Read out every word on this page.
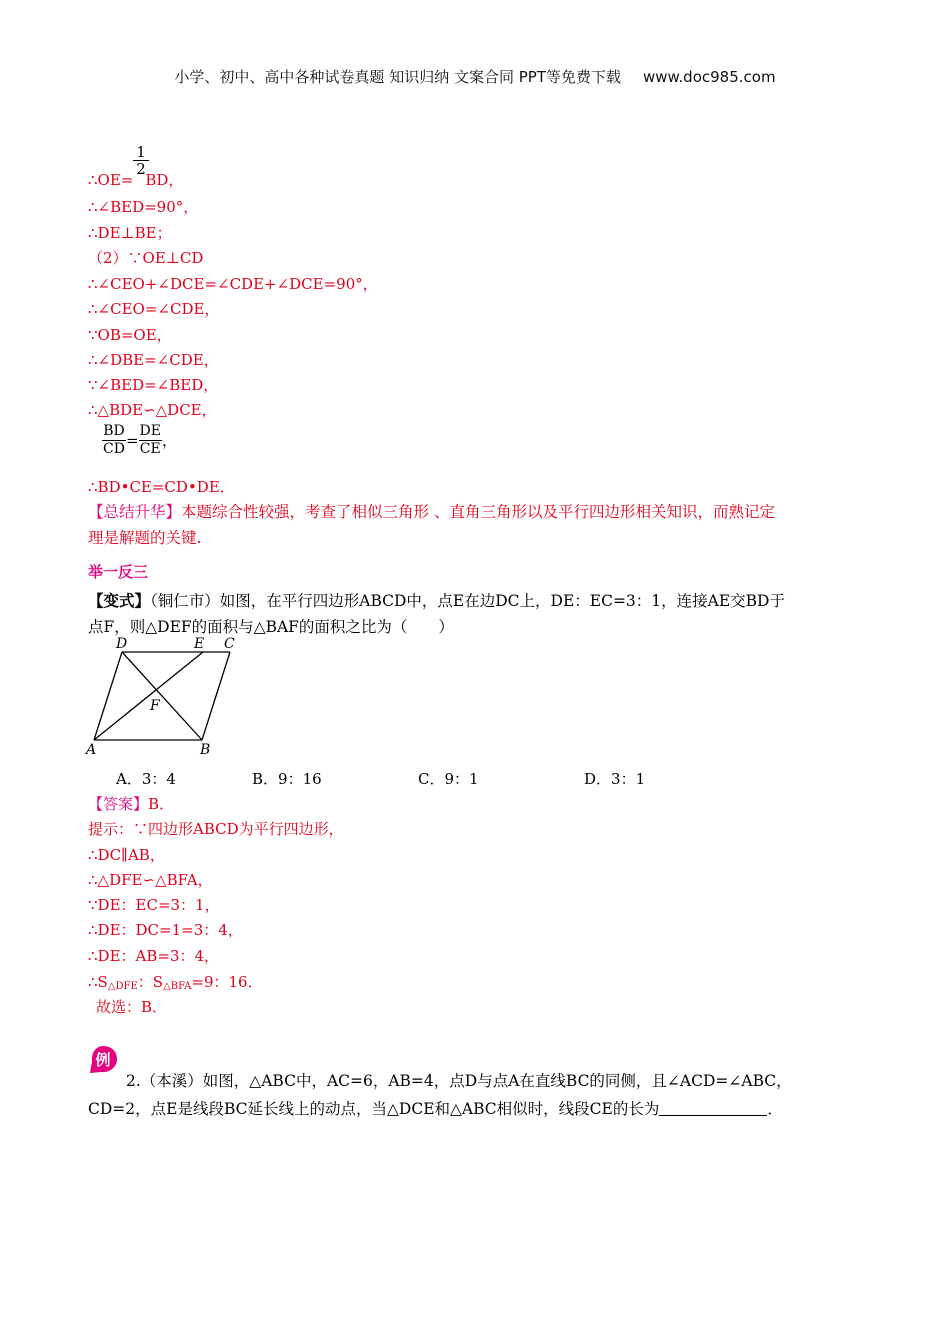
小学、初中、高中各种试卷真题 知识归纳 文案合同 PPT等免费下载 www.doc985.com
$\frac{1}{2}$
∴OE= BD，
∴∠BED=90°，
∴DE⊥BE；
（2）∵OE⊥CD
∴∠CEO+∠DCE=∠CDE+∠DCE=90°，
∴∠CEO=∠CDE，
∵OB=OE，
∴∠DBE=∠CDE，
∵∠BED=∠BED，
∴△BDE∽△DCE，
$\frac{BD}{CD} = \frac{DE}{CE}$ ，
∴BD•CE=CD•DE．
【总结升华】本题综合性较强，考查了相似三角形 、直角三角形以及平行四边形相关知识，而熟记定
理是解题的关键.
举一反三
【变式】（铜仁市）如图，在平行四边形ABCD中，点E在边DC上，DE：EC=3：1，连接AE交BD于
点F，则△DEF的面积与△BAF的面积之比为（　　）
D	E C
F
A	B
A．3：4	B．9：16	C．9：1	D．3：1
【答案】B．
提示：∵四边形ABCD为平行四边形，
∴DC∥AB，
∴△DFE∽△BFA，
∵DE：EC=3：1，
∴DE：DC=1=3：4，
∴DE：AB=3：4，
$\therefore S_{\triangle DFE}$：$S_{\triangle BFA}=9$：16．
故选：B．
例
2.（本溪）如图，△ABC中，AC=6，AB=4，点D与点A在直线BC的同侧，且∠ACD=∠ABC，
CD=2，点E是线段BC延长线上的动点，当△DCE和△ABC相似时，线段CE的长为	．
